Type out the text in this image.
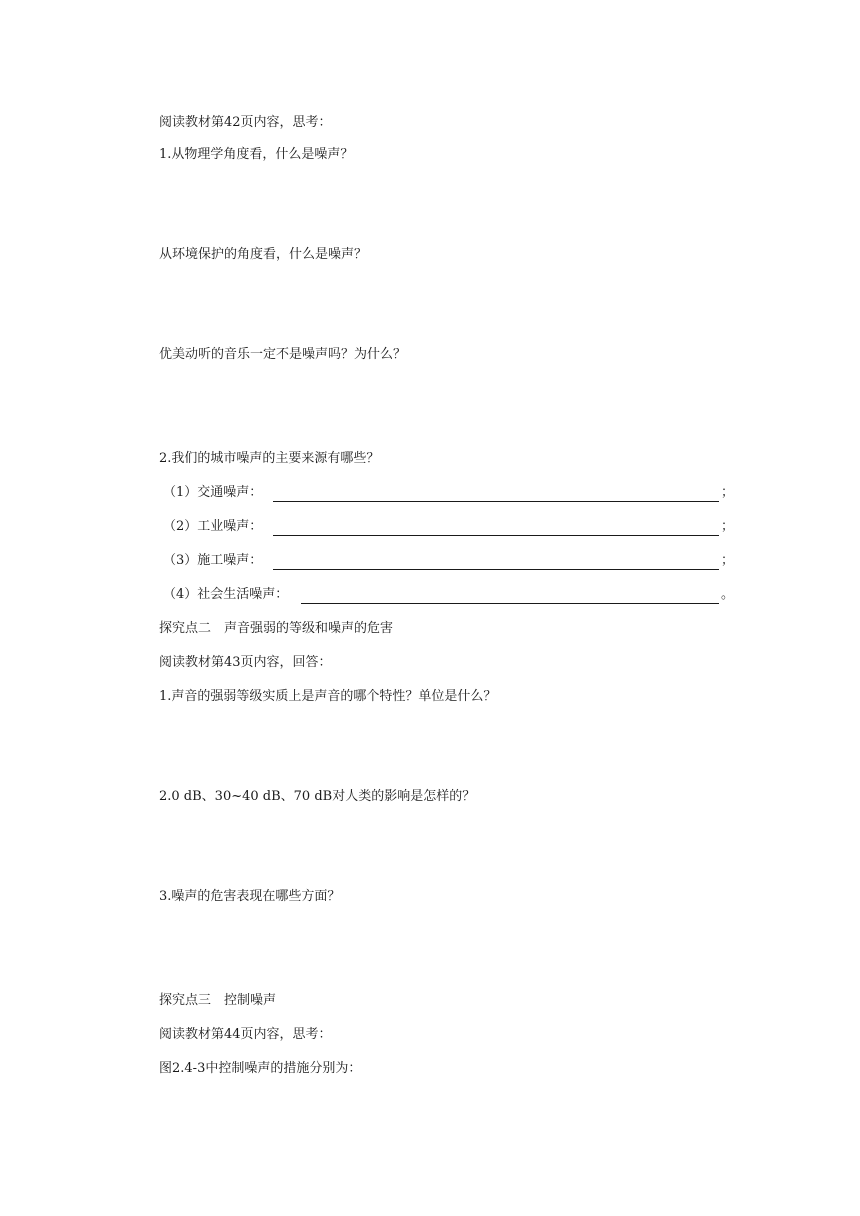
阅读教材第42页内容，思考：
1.从物理学角度看，什么是噪声？
从环境保护的角度看，什么是噪声？
优美动听的音乐一定不是噪声吗？为什么？
2.我们的城市噪声的主要来源有哪些？
（1）交通噪声：	；
（2）工业噪声：	；
（3）施工噪声：	；
（4）社会生活噪声：	。
探究点二　声音强弱的等级和噪声的危害
阅读教材第43页内容，回答：
1.声音的强弱等级实质上是声音的哪个特性？单位是什么？
2.0 dB、30~40 dB、70 dB对人类的影响是怎样的？
3.噪声的危害表现在哪些方面？
探究点三　控制噪声
阅读教材第44页内容，思考：
图2.4-3中控制噪声的措施分别为：
